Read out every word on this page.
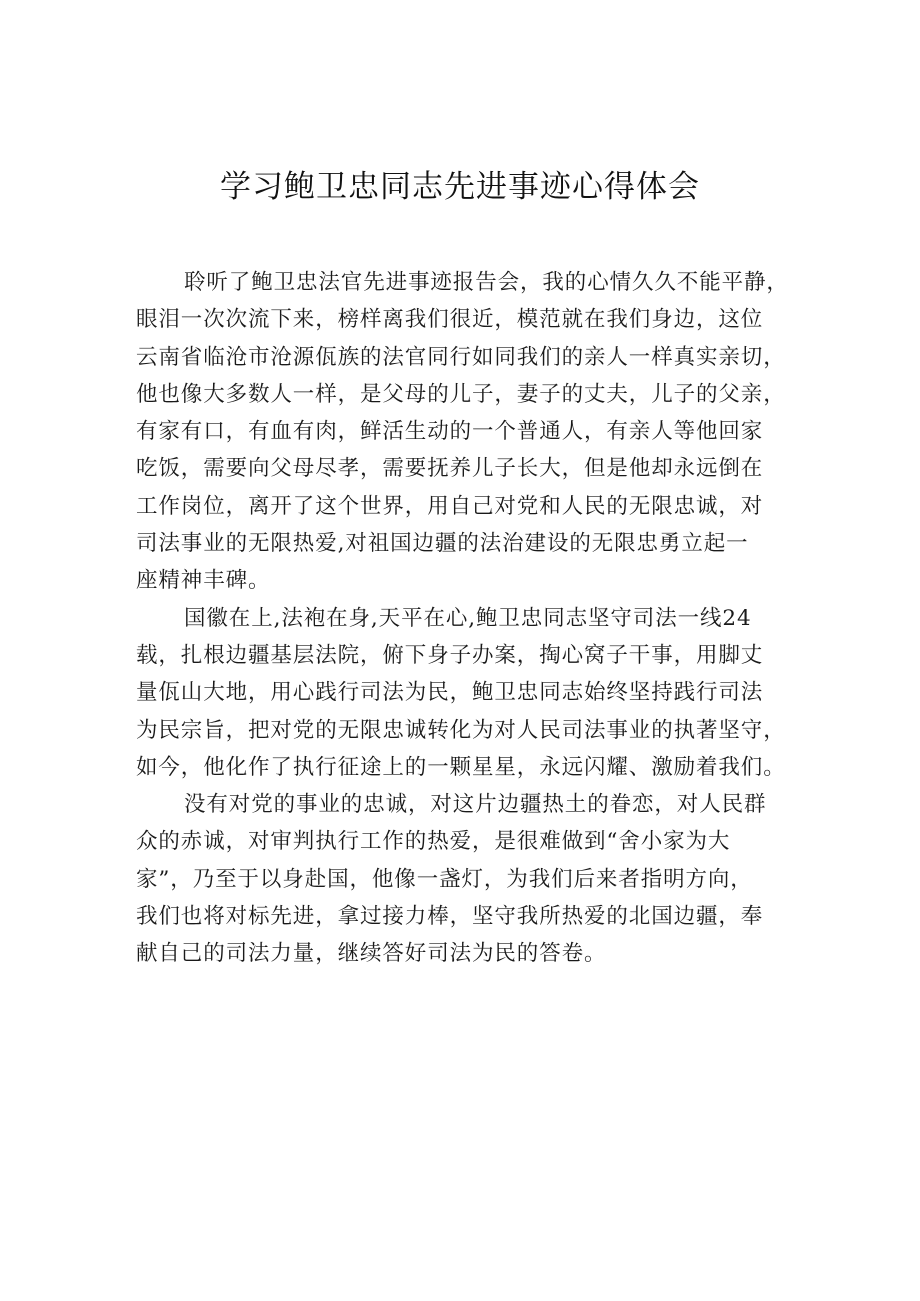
学习鲍卫忠同志先进事迹心得体会
聆听了鲍卫忠法官先进事迹报告会，我的心情久久不能平静，
眼泪一次次流下来，榜样离我们很近，模范就在我们身边，这位
云南省临沧市沧源佤族的法官同行如同我们的亲人一样真实亲切，
他也像大多数人一样，是父母的儿子，妻子的丈夫，儿子的父亲，
有家有口，有血有肉，鲜活生动的一个普通人，有亲人等他回家
吃饭，需要向父母尽孝，需要抚养儿子长大，但是他却永远倒在
工作岗位，离开了这个世界，用自己对党和人民的无限忠诚，对
司法事业的无限热爱,对祖国边疆的法治建设的无限忠勇立起一
座精神丰碑。
国徽在上,法袍在身,天平在心,鲍卫忠同志坚守司法一线24
载，扎根边疆基层法院，俯下身子办案，掏心窝子干事，用脚丈
量佤山大地，用心践行司法为民，鲍卫忠同志始终坚持践行司法
为民宗旨，把对党的无限忠诚转化为对人民司法事业的执著坚守，
如今，他化作了执行征途上的一颗星星，永远闪耀、激励着我们。
没有对党的事业的忠诚，对这片边疆热土的眷恋，对人民群
众的赤诚，对审判执行工作的热爱，是很难做到“舍小家为大
家”，乃至于以身赴国，他像一盏灯，为我们后来者指明方向，
我们也将对标先进，拿过接力棒，坚守我所热爱的北国边疆，奉
献自己的司法力量，继续答好司法为民的答卷。
